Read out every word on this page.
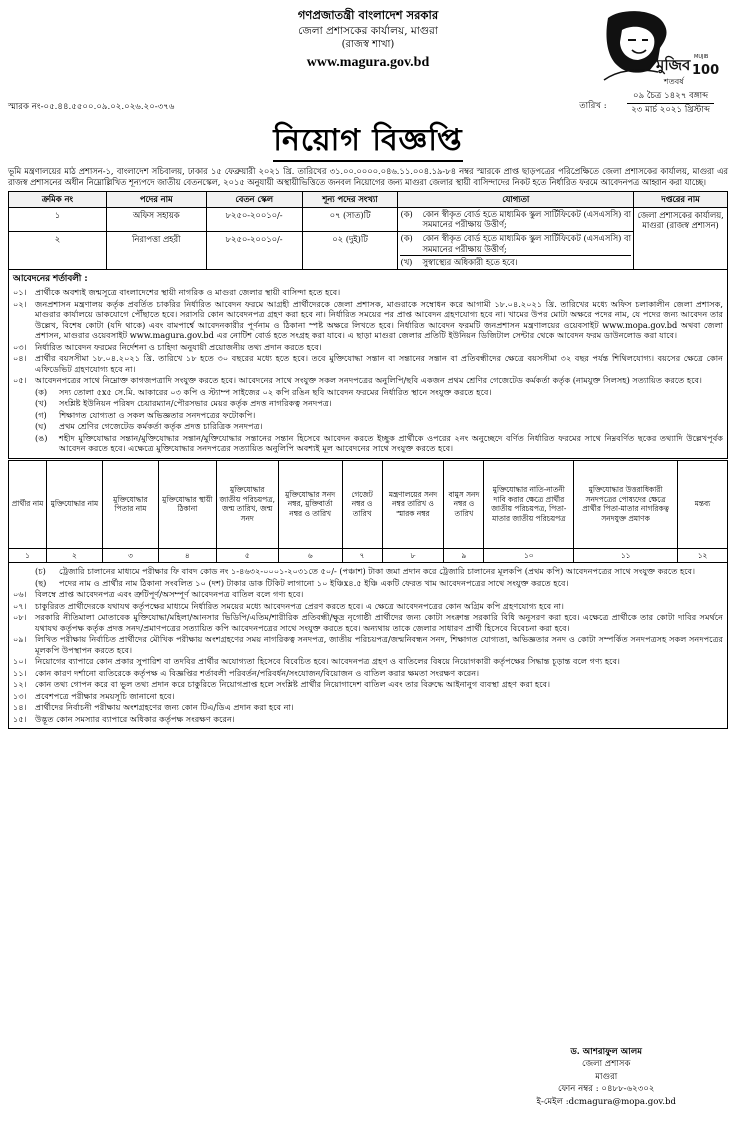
গণপ্রজাতন্ত্রী বাংলাদেশ সরকার
জেলা প্রশাসকের কার্যালয়, মাগুরা
(রাজস্ব শাখা)
www.magura.gov.bd	মুজিব
শতবর্ষ
MUJIB
100
স্মারক নং-০৫.৪৪.৫৫০০.০৯.০২.০২৬.২০-৩৭৬	তারিখ :
০৯ চৈত্র ১৪২৭ বঙ্গাব্দ
২৩ মার্চ ২০২১ খ্রিস্টাব্দ
নিয়োগ বিজ্ঞপ্তি
ভূমি মন্ত্রণালয়ের মাঠ প্রশাসন-১, বাংলাদেশ সচিবালয়, ঢাকার ১৫ ফেব্রুয়ারী ২০২১ খ্রি. তারিখের ৩১.০০.০০০০.০৪৬.১১.০০৪.১৯-৮৪ নম্বর স্মারকে প্রাপ্ত ছাড়পত্রের পরিপ্রেক্ষিতে জেলা প্রশাসকের কার্যালয়, মাগুরা এর রাজস্ব প্রশাসনের অধীন নিম্নোল্লিখিত শূন্যপদে জাতীয় বেতনস্কেল, ২০১৫ অনুযায়ী অস্থায়ীভিত্তিতে জনবল নিয়োগের জন্য মাগুরা জেলার স্থায়ী বাসিন্দাদের নিকট হতে নির্ধারিত ফরমে আবেদনপত্র আহ্বান করা যাচ্ছে।
ক্রমিক নং	পদের নাম	বেতন স্কেল	শূন্য পদের সংখ্যা	যোগ্যতা	দপ্তরের নাম
১	অফিস সহায়ক	৮২৫০-২০০১০/-	০৭ (সাত)টি	(ক) কোন স্বীকৃত বোর্ড হতে মাধ্যমিক স্কুল সার্টিফিকেট (এসএসসি) বা সমমানের পরীক্ষায় উত্তীর্ণ;	জেলা প্রশাসকের কার্যালয়, মাগুরা (রাজস্ব প্রশাসন)
২	নিরাপত্তা প্রহরী	৮২৫০-২০০১০/-	০২ (দুই)টি	(ক) কোন স্বীকৃত বোর্ড হতে মাধ্যমিক স্কুল সার্টিফিকেট (এসএসসি) বা সমমানের পরীক্ষায় উত্তীর্ণ;
(খ) সুস্বাস্থ্যের অধিকারী হতে হবে।	
আবেদনের শর্তাবলী :
০১।	প্রার্থীকে অবশ্যই জন্মসূত্রে বাংলাদেশের স্থায়ী নাগরিক ও মাগুরা জেলার স্থায়ী বাসিন্দা হতে হবে।
০২।	জনপ্রশাসন মন্ত্রণালয় কর্তৃক প্রবর্তিত চাকরির নির্ধারিত আবেদন ফরমে আগ্রহী প্রার্থীদেরকে জেলা প্রশাসক, মাগুরাকে সম্বোধন করে আগামী ১৮.০৪.২০২১ খ্রি. তারিখের মধ্যে অফিস চলাকালীন জেলা প্রশাসক, মাগুরার কার্যালয়ে ডাকযোগে পৌঁছাতে হবে। সরাসরি কোন আবেদনপত্র গ্রহণ করা হবে না। নির্ধারিত সময়ের পর প্রাপ্ত আবেদন গ্রহণযোগ্য হবে না। খামের উপর মোটা অক্ষরে পদের নাম, যে পদের জন্য আবেদন তার উল্লেখ, বিশেষ কোটা (যদি থাকে) এবং বামপার্শ্বে আবেদনকারীর পূর্ণনাম ও ঠিকানা স্পষ্ট অক্ষরে লিখতে হবে। নির্ধারিত আবেদন ফরমটি জনপ্রশাসন মন্ত্রণালয়ের ওয়েবসাইট www.mopa.gov.bd অথবা জেলা প্রশাসন, মাগুরার ওয়েবসাইট www.magura.gov.bd এর নোটিশ বোর্ড হতে সংগ্রহ করা যাবে। এ ছাড়া মাগুরা জেলার প্রতিটি ইউনিয়ন ডিজিটাল সেন্টার থেকে আবেদন ফরম ডাউনলোড করা যাবে।
০৩।	নির্ধারিত আবেদন ফরমের নির্দেশনা ও চাহিদা অনুযায়ী প্রয়োজনীয় তথ্য প্রদান করতে হবে।
০৪।	প্রার্থীর বয়সসীমা ১৮.০৪.২০২১ খ্রি. তারিখে ১৮ হতে ৩০ বছরের মধ্যে হতে হবে। তবে মুক্তিযোদ্ধা সন্তান বা সন্তানের সন্তান বা প্রতিবন্ধীদের ক্ষেত্রে বয়সসীমা ৩২ বছর পর্যন্ত শিথিলযোগ্য। বয়সের ক্ষেত্রে কোন এফিডেভিট গ্রহণযোগ্য হবে না।
০৫।	আবেদনপত্রের সাথে নিম্নোক্ত কাগজপত্রাদি সংযুক্ত করতে হবে। আবেদনের সাথে সংযুক্ত সকল সনদপত্রের অনুলিপি/ছবি একজন প্রথম শ্রেণির গেজেটেড কর্মকর্তা কর্তৃক (নামযুক্ত সিলসহ) সত্যায়িত করতে হবে।
(ক)	সদ্য তোলা ৫x৫ সে.মি. আকারের ০৩ কপি ও স্ট্যাম্প সাইজের ০২ কপি রঙিন ছবি আবেদন ফরমের নির্ধারিত স্থানে সংযুক্ত করতে হবে।
(খ)	সংশ্লিষ্ট ইউনিয়ন পরিষদ চেয়ারম্যান/পৌরসভার মেয়র কর্তৃক প্রদত্ত নাগরিকত্ব সনদপত্র।
(গ)	শিক্ষাগত যোগ্যতা ও সকল অভিজ্ঞতার সনদপত্রের ফটোকপি।
(ঘ)	প্রথম শ্রেণির গেজেটেড কর্মকর্তা কর্তৃক প্রদত্ত চারিত্রিক সনদপত্র।
(ঙ)	শহীদ মুক্তিযোদ্ধার সন্তান/মুক্তিযোদ্ধার সন্তান/মুক্তিযোদ্ধার সন্তানের সন্তান হিসেবে আবেদন করতে ইচ্ছুক প্রার্থীকে ওপরের ২নং অনুচ্ছেদে বর্ণিত নির্ধারিত ফরমের সাথে নিম্নবর্ণিত ছকের তথ্যাদি উল্লেখপূর্বক আবেদন করতে হবে। এক্ষেত্রে মুক্তিযোদ্ধার সনদপত্রের সত্যায়িত অনুলিপি অবশ্যই মূল আবেদনের সাথে সংযুক্ত করতে হবে।
প্রার্থীর নাম	মুক্তিযোদ্ধার নাম	মুক্তিযোদ্ধার পিতার নাম	মুক্তিযোদ্ধার স্থায়ী ঠিকানা	মুক্তিযোদ্ধার জাতীয় পরিচয়পত্র, জন্ম তারিখ, জন্ম সনদ	মুক্তিযোদ্ধার সনদ নম্বর, মুক্তিবার্তা নম্বর ও তারিখ	গেজেট নম্বর ও তারিখ	মন্ত্রণালয়ের সনদ নম্বর তারিখ ও স্মারক নম্বর	বামুস সনদ নম্বর ও তারিখ	মুক্তিযোদ্ধার নাতি-নাতনী দাবি করার ক্ষেত্রে প্রার্থীর জাতীয় পরিচয়পত্র, পিতা-মাতার জাতীয় পরিচয়পত্র	মুক্তিযোদ্ধার উত্তরাধিকারী সনদপত্রের পোষ্যদের ক্ষেত্রে প্রার্থীর পিতা-মাতার নাগরিকত্ব সনদযুক্ত প্রমাণক	মন্তব্য
১	২	৩	৪	৫	৬	৭	৮	৯	১০	১১	১২
(চ)	ট্রেজারি চালানের মাধ্যমে পরীক্ষার ফি বাবদ কোড নং ১-৪৬৩২-০০০১-২০৩১তে ৫০/- (পঞ্চাশ) টাকা জমা প্রদান করে ট্রেজারি চালানের মূলকপি (প্রথম কপি) আবেদনপত্রের সাথে সংযুক্ত করতে হবে।
(ছ)	পদের নাম ও প্রার্থীর নাম ঠিকানা সংবলিত ১০ (দশ) টাকার ডাক টিকিট লাগানো ১০ ইঞ্চিx৪.৫ ইঞ্চি একটি ফেরত খাম আবেদনপত্রের সাথে সংযুক্ত করতে হবে।
০৬।	বিলম্বে প্রাপ্ত আবেদনপত্র এবং ত্রুটিপূর্ণ/অসম্পূর্ণ আবেদনপত্র বাতিল বলে গণ্য হবে।
০৭।	চাকুরিরত প্রার্থীদেরকে যথাযথ কর্তৃপক্ষের মাধ্যমে নির্ধারিত সময়ের মধ্যে আবেদনপত্র প্রেরণ করতে হবে। এ ক্ষেত্রে আবেদনপত্রের কোন অগ্রিম কপি গ্রহণযোগ্য হবে না।
০৮।	সরকারি নীতিমালা মোতাবেক মুক্তিযোদ্ধা/মহিলা/আনসার ভিডিপি/এতিম/শারীরিক প্রতিবন্ধী/ক্ষুদ্র নৃগোষ্ঠী প্রার্থীদের জন্য কোটা সংক্রান্ত সরকারি বিধি অনুসরণ করা হবে। এক্ষেত্রে প্রার্থীকে তার কোটা দাবির সমর্থনে যথাযথ কর্তৃপক্ষ কর্তৃক প্রদত্ত সনদ/প্রমাণপত্রের সত্যায়িত কপি আবেদনপত্রের সাথে সংযুক্ত করতে হবে। অন্যথায় তাকে জেলার সাধারণ প্রার্থী হিসেবে বিবেচনা করা হবে।
০৯।	লিখিত পরীক্ষায় নির্বাচিত প্রার্থীদের মৌখিক পরীক্ষায় অংশগ্রহণের সময় নাগরিকত্ব সনদপত্র, জাতীয় পরিচয়পত্র/জন্মনিবন্ধন সনদ, শিক্ষাগত যোগ্যতা, অভিজ্ঞতার সনদ ও কোটা সম্পর্কিত সনদপত্রসহ সকল সনদপত্রের মূলকপি উপস্থাপন করতে হবে।
১০।	নিয়োগের ব্যাপারে কোন প্রকার সুপারিশ বা তদবির প্রার্থীর অযোগ্যতা হিসেবে বিবেচিত হবে। আবেদনপত্র গ্রহণ ও বাতিলের বিষয়ে নিয়োগকারী কর্তৃপক্ষের সিদ্ধান্ত চূড়ান্ত বলে গণ্য হবে।
১১।	কোন কারণ দর্শানো ব্যতিরেকে কর্তৃপক্ষ এ বিজ্ঞপ্তির শর্তাবলী পরিবর্তন/পরিবর্ধন/সংযোজন/বিয়োজন ও বাতিল করার ক্ষমতা সংরক্ষণ করেন।
১২।	কোন তথ্য গোপন করে বা ভুল তথ্য প্রদান করে চাকুরিতে নিয়োগপ্রাপ্ত হলে সংশ্লিষ্ট প্রার্থীর নিয়োগাদেশ বাতিল এবং তার বিরুদ্ধে আইনানুগ ব্যবস্থা গ্রহণ করা হবে।
১৩।	প্রবেশপত্রে পরীক্ষার সময়সূচি জানানো হবে।
১৪।	প্রার্থীদের নির্বাচনী পরীক্ষায় অংশগ্রহণের জন্য কোন টিএ/ডিএ প্রদান করা হবে না।
১৫।	উদ্ভূত কোন সমস্যার ব্যাপারে অধিকার কর্তৃপক্ষ সংরক্ষণ করেন।
ড. আশরাফুল আলম
জেলা প্রশাসক
মাগুরা
ফোন নম্বর : ০৪৮৮-৬২৩০২
ই-মেইল :dcmagura@mopa.gov.bd
